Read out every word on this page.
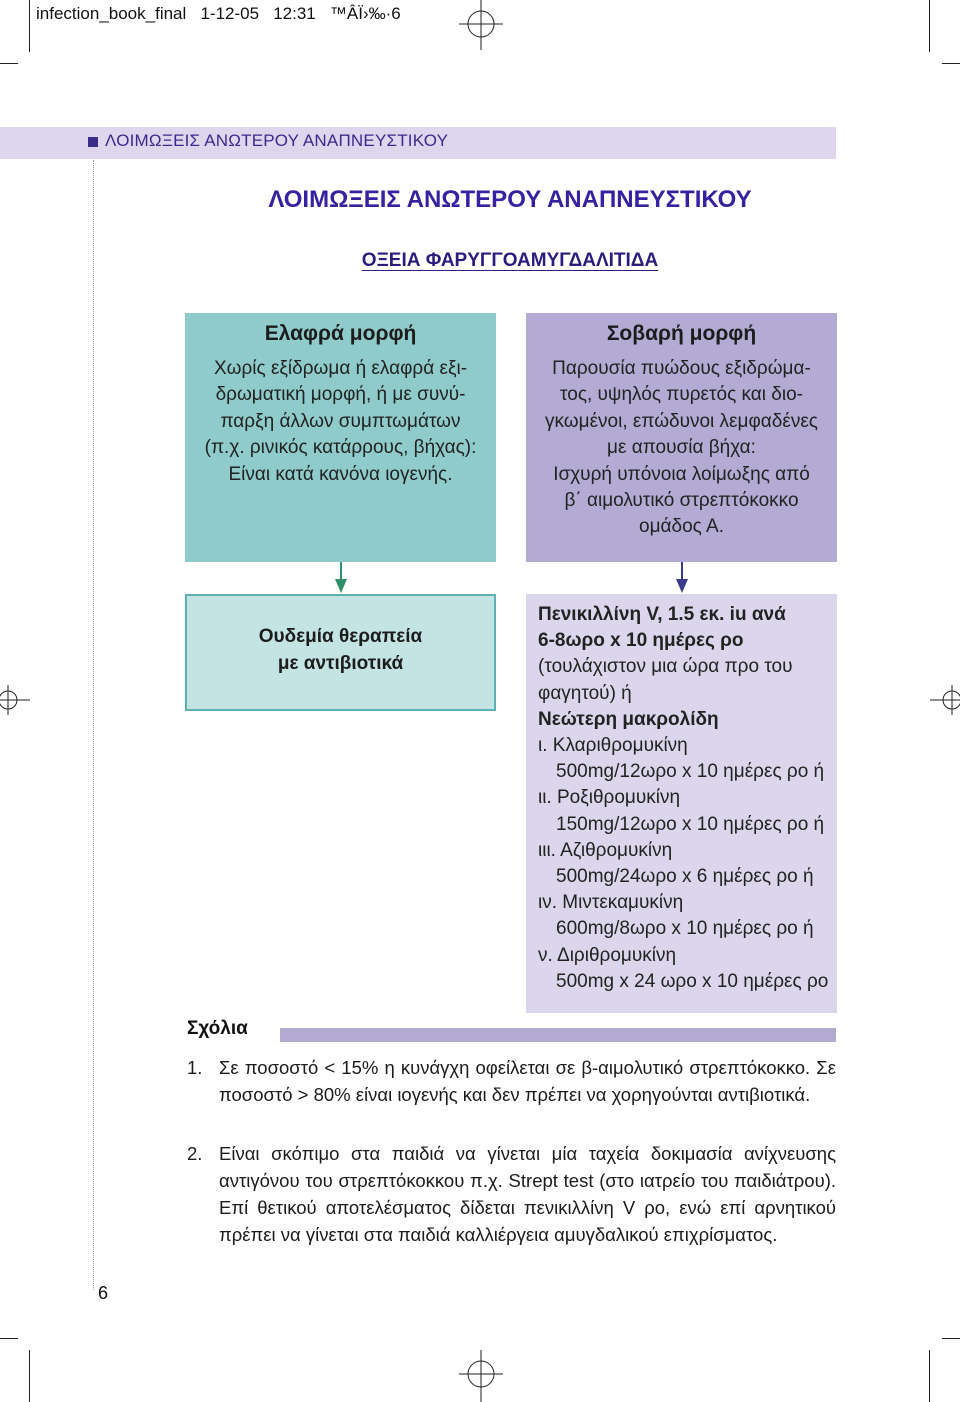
infection_book_final   1-12-05   12:31   ™ÂÏ›‰·6
ΛΟΙΜΩΞΕΙΣ ΑΝΩΤΕΡΟΥ ΑΝΑΠΝΕΥΣΤΙΚΟΥ
ΛΟΙΜΩΞΕΙΣ ΑΝΩΤΕΡΟΥ ΑΝΑΠΝΕΥΣΤΙΚΟΥ
ΟΞΕΙΑ ΦΑΡΥΓΓΟΑΜΥΓΔΑΛΙΤΙΔΑ
Ελαφρά μορφή
Χωρίς εξίδρωμα ή ελαφρά εξι-
δρωματική μορφή, ή με συνύ-
παρξη άλλων συμπτωμάτων
(π.χ. ρινικός κατάρρους, βήχας):
Είναι κατά κανόνα ιογενής.
Σοβαρή μορφή
Παρουσία πυώδους εξιδρώμα-
τος, υψηλός πυρετός και διο-
γκωμένοι, επώδυνοι λεμφαδένες
με απουσία βήχα:
Ισχυρή υπόνοια λοίμωξης από
β΄ αιμολυτικό στρεπτόκοκκο
ομάδος Α.
Ουδεμία θεραπεία
με αντιβιοτικά
Πενικιλλίνη V, 1.5 εκ. iu ανά
6-8ωρο x 10 ημέρες ρο
(τουλάχιστον μια ώρα προ του
φαγητού) ή
Νεώτερη μακρολίδη
ι. Κλαριθρομυκίνη
500mg/12ωρο x 10 ημέρες ρο ή
ιι. Ροξιθρομυκίνη
150mg/12ωρο x 10 ημέρες ρο ή
ιιι. Αζιθρομυκίνη
500mg/24ωρο x 6 ημέρες ρο ή
ιν. Μιντεκαμυκίνη
600mg/8ωρο x 10 ημέρες ρο ή
ν. Διριθρομυκίνη
500mg x 24 ωρο x 10 ημέρες ρο
Σχόλια
1. Σε ποσοστό < 15% η κυνάγχη οφείλεται σε β-αιμολυτικό στρεπτόκοκκο. Σε ποσοστό > 80% είναι ιογενής και δεν πρέπει να χορηγούνται αντιβιοτικά.
2. Είναι σκόπιμο στα παιδιά να γίνεται μία ταχεία δοκιμασία ανίχνευσης αντιγόνου του στρεπτόκοκκου π.χ. Strept test (στο ιατρείο του παιδιάτρου). Επί θετικού αποτελέσματος δίδεται πενικιλλίνη V ρο, ενώ επί αρνητικού πρέπει να γίνεται στα παιδιά καλλιέργεια αμυγδαλικού επιχρίσματος.
6
